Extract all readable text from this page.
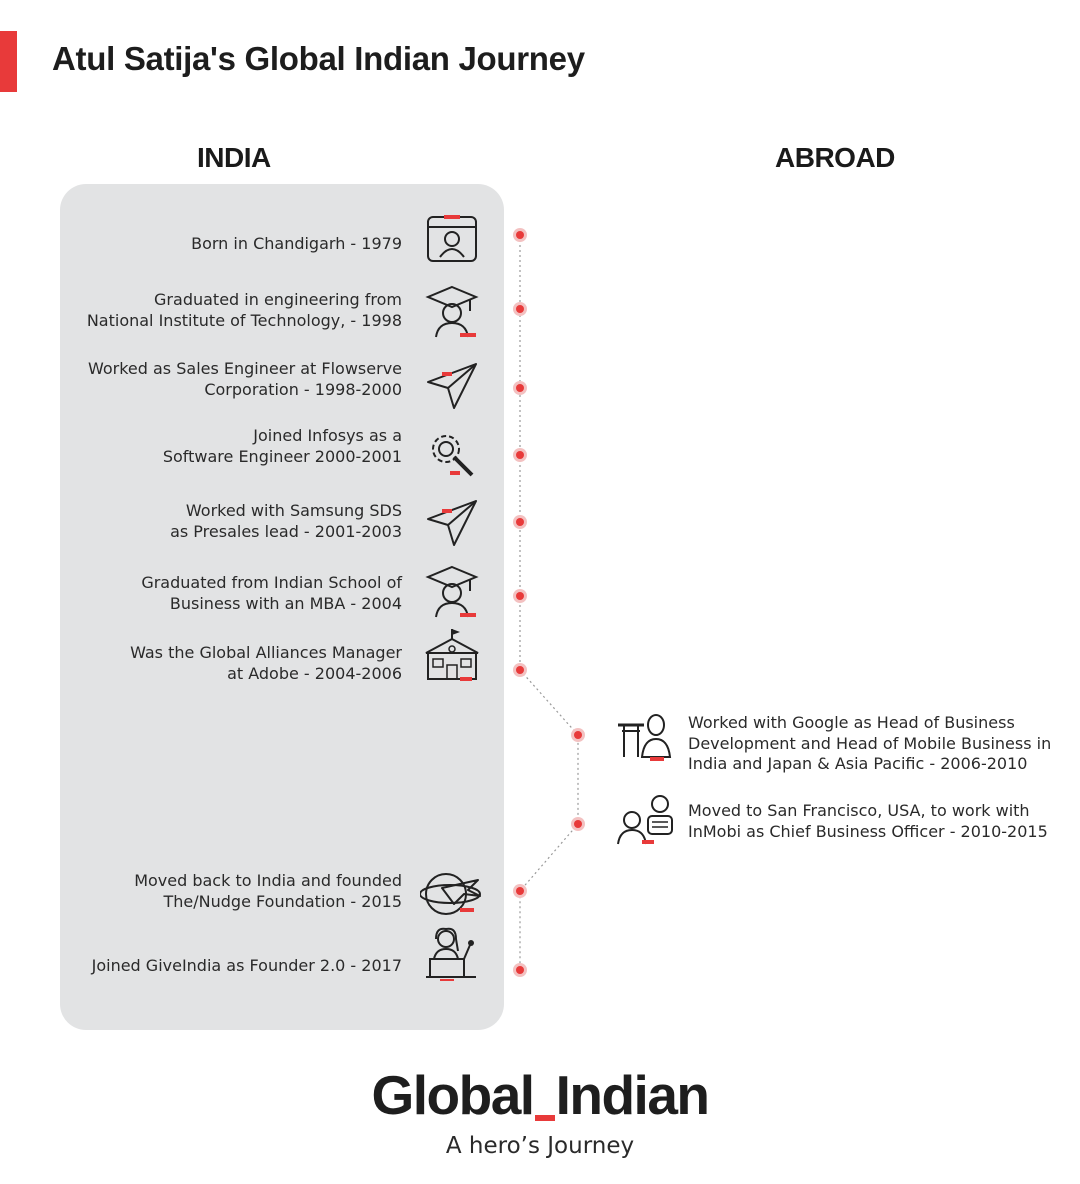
Atul Satija's Global Indian Journey
INDIA	ABROAD
Born in Chandigarh - 1979
Graduated in engineering from
National Institute of Technology, - 1998
Worked as Sales Engineer at Flowserve
Corporation - 1998-2000
Joined Infosys as a
Software Engineer 2000-2001
Worked with Samsung SDS
as Presales lead - 2001-2003
Graduated from Indian School of
Business with an MBA - 2004
Was the Global Alliances Manager
at Adobe - 2004-2006
Worked with Google as Head of Business
Development and Head of Mobile Business in
India and Japan & Asia Pacific - 2006-2010
Moved to San Francisco, USA, to work with
InMobi as Chief Business Officer - 2010-2015
Moved back to India and founded
The/Nudge Foundation - 2015
Joined GiveIndia as Founder 2.0 - 2017
Global Indian
A hero’s Journey
